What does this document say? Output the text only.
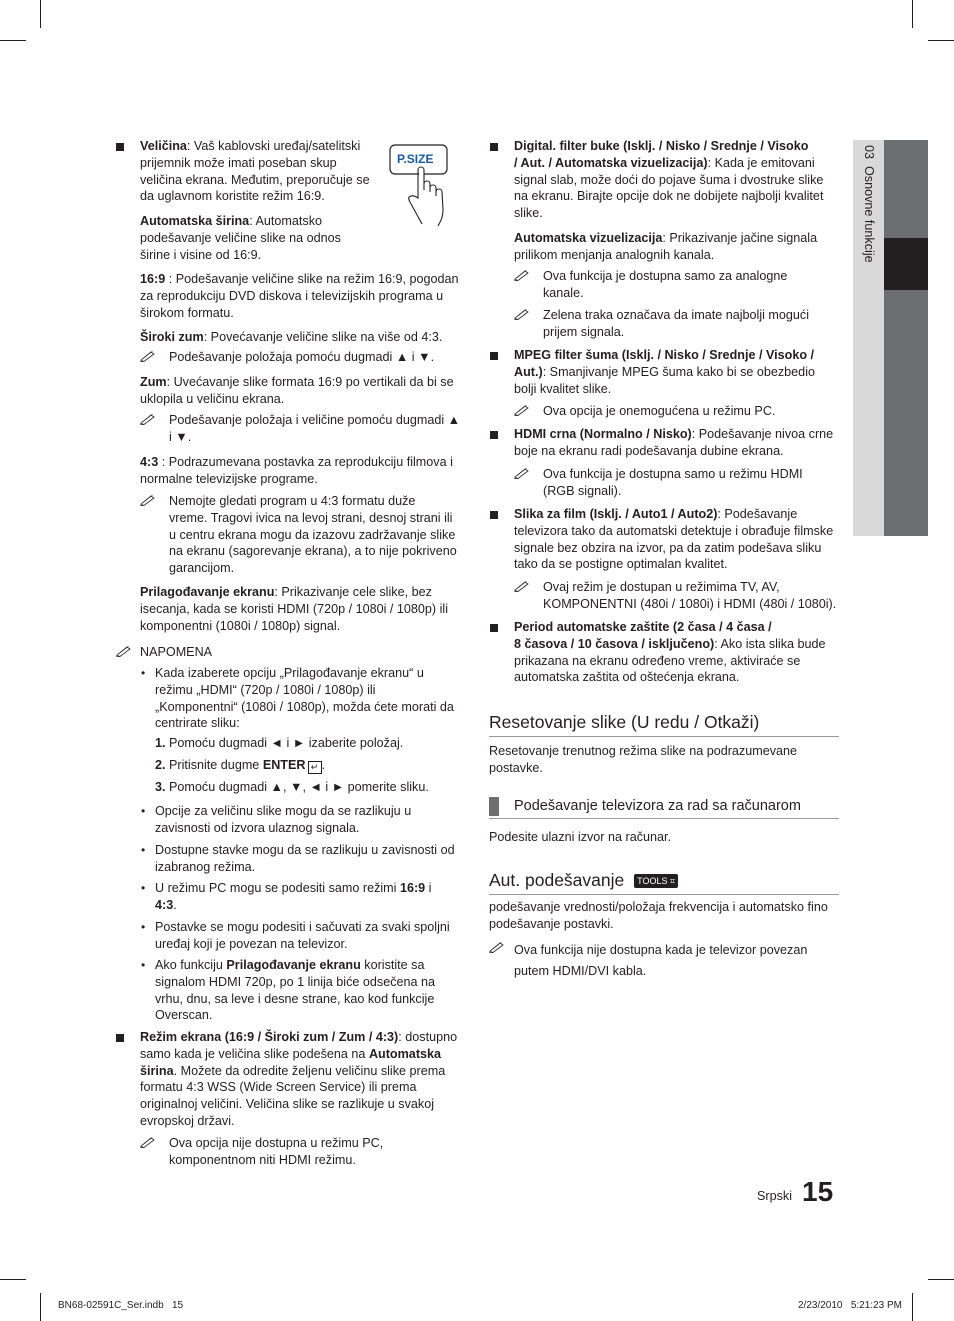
03  Osnovne funkcije
Veličina: Vaš kablovski uređaj/satelitski prijemnik može imati poseban skup veličina ekrana. Međutim, preporučuje se da uglavnom koristite režim 16:9.
P.SIZE
Automatska širina: Automatsko podešavanje veličine slike na odnos širine i visine od 16:9.
16:9 : Podešavanje veličine slike na režim 16:9, pogodan za reprodukciju DVD diskova i televizijskih programa u širokom formatu.
Široki zum: Povećavanje veličine slike na više od 4:3.
Podešavanje položaja pomoću dugmadi ▲ i ▼.
Zum: Uvećavanje slike formata 16:9 po vertikali da bi se uklopila u veličinu ekrana.
Podešavanje položaja i veličine pomoću dugmadi ▲ i ▼.
4:3 : Podrazumevana postavka za reprodukciju filmova i normalne televizijske programe.
Nemojte gledati program u 4:3 formatu duže vreme. Tragovi ivica na levoj strani, desnoj strani ili u centru ekrana mogu da izazovu zadržavanje slike na ekranu (sagorevanje ekrana), a to nije pokriveno garancijom.
Prilagođavanje ekranu: Prikazivanje cele slike, bez isecanja, kada se koristi HDMI (720p / 1080i / 1080p) ili komponentni (1080i / 1080p) signal.
NAPOMENA
• Kada izaberete opciju „Prilagođavanje ekranu“ u režimu „HDMI“ (720p / 1080i / 1080p) ili „Komponentni“ (1080i / 1080p), možda ćete morati da centrirate sliku:
1. Pomoću dugmadi ◄ i ► izaberite položaj.
2. Pritisnite dugme ENTER ↵ .
3. Pomoću dugmadi ▲, ▼, ◄ i ► pomerite sliku.
• Opcije za veličinu slike mogu da se razlikuju u zavisnosti od izvora ulaznog signala.
• Dostupne stavke mogu da se razlikuju u zavisnosti od izabranog režima.
• U režimu PC mogu se podesiti samo režimi 16:9 i
4:3.
• Postavke se mogu podesiti i sačuvati za svaki spoljni uređaj koji je povezan na televizor.
• Ako funkciju Prilagođavanje ekranu koristite sa signalom HDMI 720p, po 1 linija biće odsečena na vrhu, dnu, sa leve i desne strane, kao kod funkcije Overscan.
Režim ekrana (16:9 / Široki zum / Zum / 4:3): dostupno samo kada je veličina slike podešena na Automatska širina. Možete da odredite željenu veličinu slike prema formatu 4:3 WSS (Wide Screen Service) ili prema originalnoj veličini. Veličina slike se razlikuje u svakoj evropskoj državi.
Ova opcija nije dostupna u režimu PC, komponentnom niti HDMI režimu.
Digital. filter buke (Isklj. / Nisko / Srednje / Visoko
/ Aut. / Automatska vizuelizacija): Kada je emitovani signal slab, može doći do pojave šuma i dvostruke slike na ekranu. Birajte opcije dok ne dobijete najbolji kvalitet slike.
Automatska vizuelizacija: Prikazivanje jačine signala prilikom menjanja analognih kanala.
Ova funkcija je dostupna samo za analogne kanale.
Zelena traka označava da imate najbolji mogući prijem signala.
MPEG filter šuma (Isklj. / Nisko / Srednje / Visoko / Aut.): Smanjivanje MPEG šuma kako bi se obezbedio bolji kvalitet slike.
Ova opcija je onemogućena u režimu PC.
HDMI crna (Normalno / Nisko): Podešavanje nivoa crne boje na ekranu radi podešavanja dubine ekrana.
Ova funkcija je dostupna samo u režimu HDMI (RGB signali).
Slika za film (Isklj. / Auto1 / Auto2): Podešavanje televizora tako da automatski detektuje i obrađuje filmske signale bez obzira na izvor, pa da zatim podešava sliku tako da se postigne optimalan kvalitet.
Ovaj režim je dostupan u režimima TV, AV, KOMPONENTNI (480i / 1080i) i HDMI (480i / 1080i).
Period automatske zaštite (2 časa / 4 časa /
8 časova / 10 časova / isključeno): Ako ista slika bude prikazana na ekranu određeno vreme, aktiviraće se automatska zaštita od oštećenja ekrana.
Resetovanje slike (U redu / Otkaži)
Resetovanje trenutnog režima slike na podrazumevane postavke.
Podešavanje televizora za rad sa računarom
Podesite ulazni izvor na računar.
Aut. podešavanje TOOLS ⌗
podešavanje vrednosti/položaja frekvencija i automatsko fino podešavanje postavki.
Ova funkcija nije dostupna kada je televizor povezan putem HDMI/DVI kabla.
Srpski 15
BN68-02591C_Ser.indb   15	2/23/2010   5:21:23 PM
